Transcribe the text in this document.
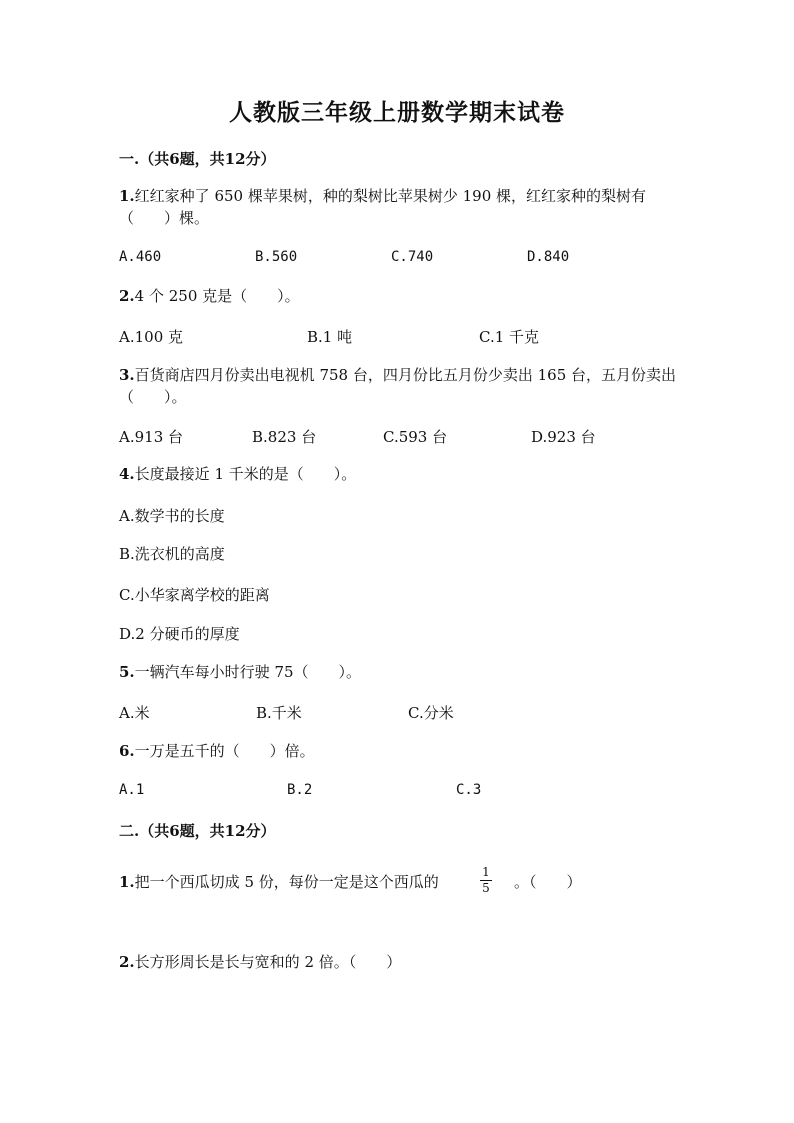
人教版三年级上册数学期末试卷
一.（共6题，共12分）
1.红红家种了 650 棵苹果树，种的梨树比苹果树少 190 棵，红红家种的梨树有（　　）棵。
A.460	B.560	C.740	D.840
2.4 个 250 克是（　　）。
A.100 克	B.1 吨	C.1 千克
3.百货商店四月份卖出电视机 758 台，四月份比五月份少卖出 165 台，五月份卖出（　　）。
A.913 台	B.823 台	C.593 台	D.923 台
4.长度最接近 1 千米的是（　　）。
A.数学书的长度
B.洗衣机的高度
C.小华家离学校的距离
D.2 分硬币的厚度
5.一辆汽车每小时行驶 75（　　）。
A.米	B.千米	C.分米
6.一万是五千的（　　）倍。
A.1	B.2	C.3
二.（共6题，共12分）
1.把一个西瓜切成 5 份，每份一定是这个西瓜的
1
5 。（　　）
2.长方形周长是长与宽和的 2 倍。（　　）
